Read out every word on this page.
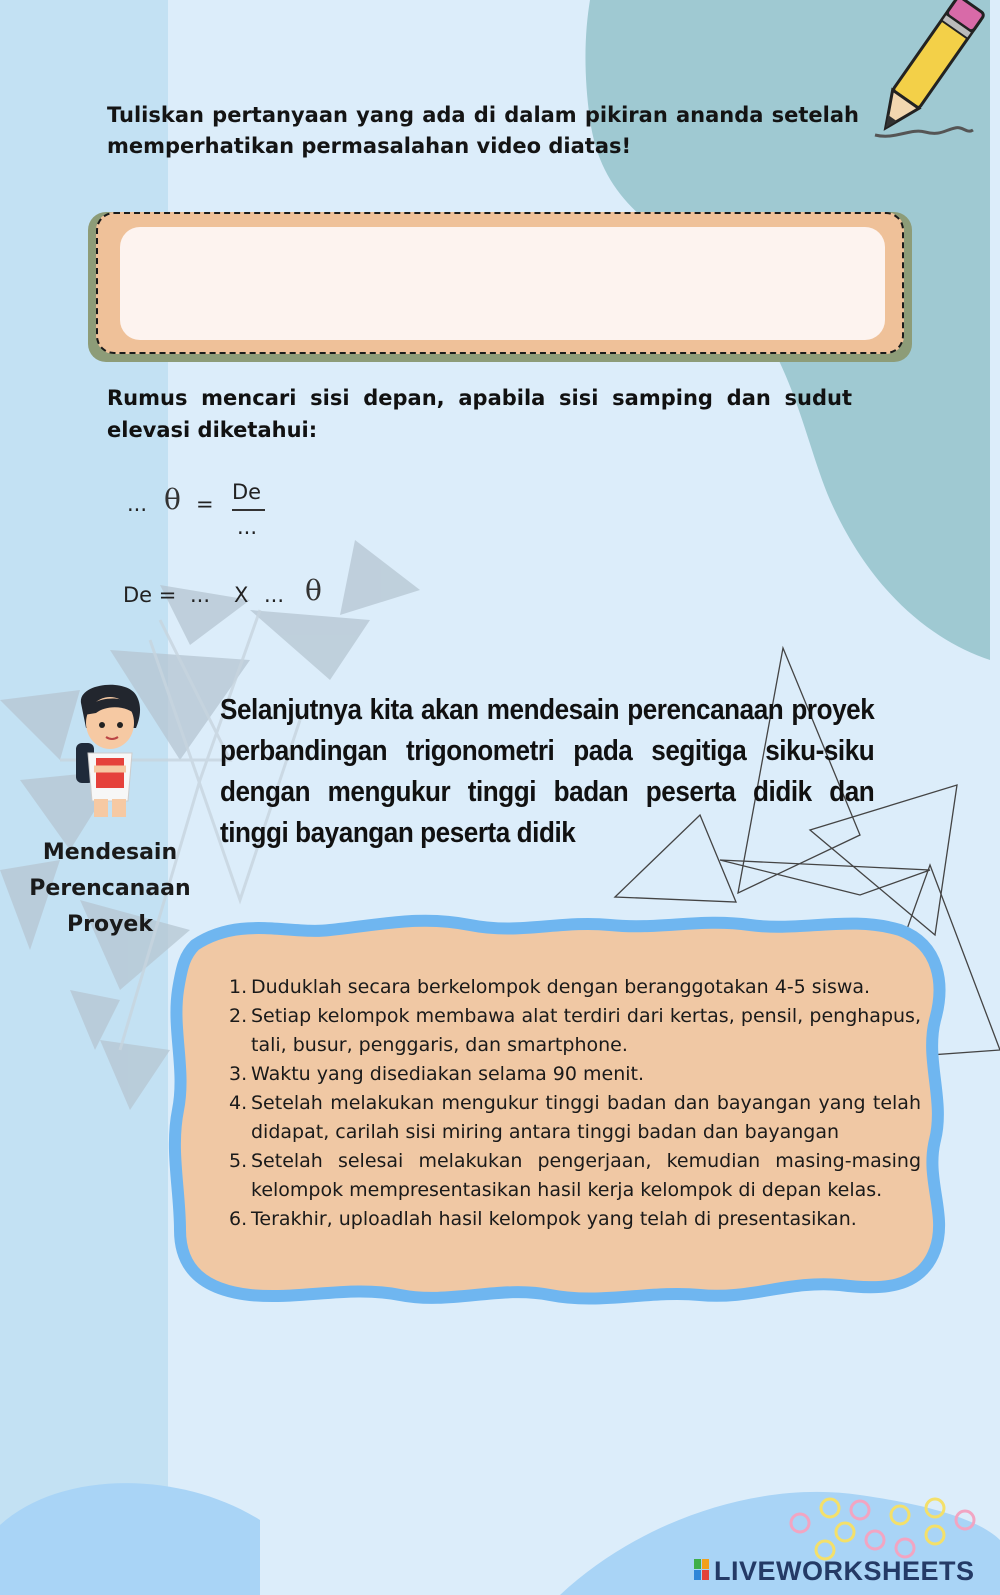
Tuliskan pertanyaan yang ada di dalam pikiran ananda setelah memperhatikan permasalahan video diatas!
Rumus mencari sisi depan, apabila sisi samping dan sudut elevasi diketahui:
... θ = De
...
De = ... X ... θ
Mendesain
Perencanaan
Proyek
Selanjutnya kita akan mendesain perencanaan proyek perbandingan trigonometri pada segitiga siku-siku dengan mengukur tinggi badan peserta didik dan tinggi bayangan peserta didik
1. Duduklah secara berkelompok dengan beranggotakan 4-5 siswa.
2. Setiap kelompok membawa alat terdiri dari kertas, pensil, penghapus, tali, busur, penggaris, dan smartphone.
3. Waktu yang disediakan selama 90 menit.
4. Setelah melakukan mengukur tinggi badan dan bayangan yang telah didapat, carilah sisi miring antara tinggi badan dan bayangan
5. Setelah selesai melakukan pengerjaan, kemudian masing-masing kelompok mempresentasikan hasil kerja kelompok di depan kelas.
6. Terakhir, uploadlah hasil kelompok yang telah di presentasikan.
LIVEWORKSHEETS
